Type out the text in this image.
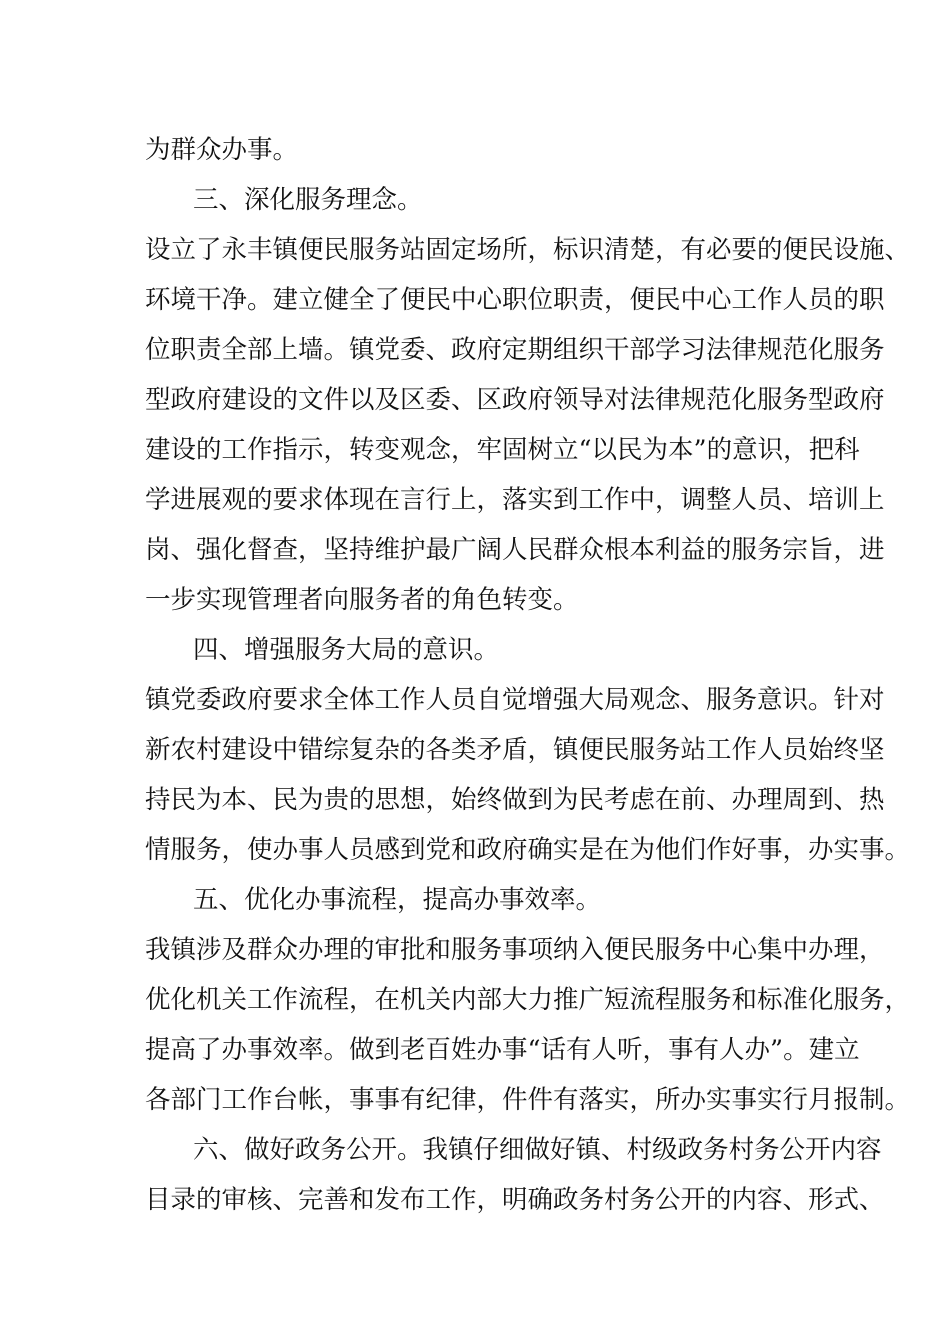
为群众办事。
三、深化服务理念。
设立了永丰镇便民服务站固定场所，标识清楚，有必要的便民设施、
环境干净。建立健全了便民中心职位职责，便民中心工作人员的职
位职责全部上墙。镇党委、政府定期组织干部学习法律规范化服务
型政府建设的文件以及区委、区政府领导对法律规范化服务型政府
建设的工作指示，转变观念，牢固树立“以民为本”的意识，把科
学进展观的要求体现在言行上，落实到工作中，调整人员、培训上
岗、强化督查，坚持维护最广阔人民群众根本利益的服务宗旨，进
一步实现管理者向服务者的角色转变。
四、增强服务大局的意识。
镇党委政府要求全体工作人员自觉增强大局观念、服务意识。针对
新农村建设中错综复杂的各类矛盾，镇便民服务站工作人员始终坚
持民为本、民为贵的思想，始终做到为民考虑在前、办理周到、热
情服务，使办事人员感到党和政府确实是在为他们作好事，办实事。
五、优化办事流程，提高办事效率。
我镇涉及群众办理的审批和服务事项纳入便民服务中心集中办理，
优化机关工作流程，在机关内部大力推广短流程服务和标准化服务，
提高了办事效率。做到老百姓办事“话有人听，事有人办”。建立
各部门工作台帐，事事有纪律，件件有落实，所办实事实行月报制。
六、做好政务公开。我镇仔细做好镇、村级政务村务公开内容
目录的审核、完善和发布工作，明确政务村务公开的内容、形式、
